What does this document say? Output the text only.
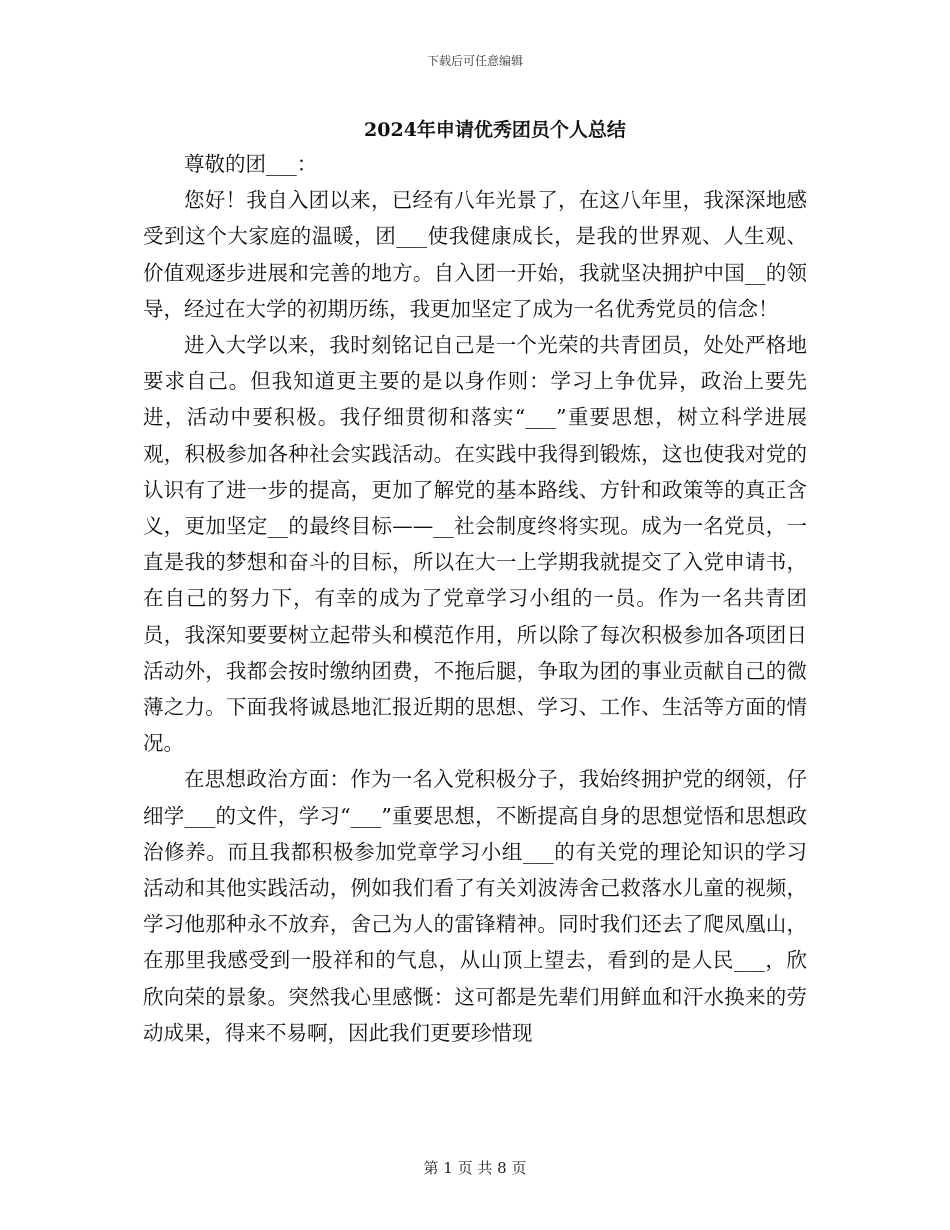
下载后可任意编辑
2024年申请优秀团员个人总结

尊敬的团___：

您好！我自入团以来，已经有八年光景了，在这八年里，我深深地感受到这个大家庭的温暖，团___使我健康成长，是我的世界观、人生观、价值观逐步进展和完善的地方。自入团一开始，我就坚决拥护中国__的领导，经过在大学的初期历练，我更加坚定了成为一名优秀党员的信念！

进入大学以来，我时刻铭记自己是一个光荣的共青团员，处处严格地要求自己。但我知道更主要的是以身作则：学习上争优异，政治上要先进，活动中要积极。我仔细贯彻和落实“___”重要思想，树立科学进展观，积极参加各种社会实践活动。在实践中我得到锻炼，这也使我对党的认识有了进一步的提高，更加了解党的基本路线、方针和政策等的真正含义，更加坚定__的最终目标——__社会制度终将实现。成为一名党员，一直是我的梦想和奋斗的目标，所以在大一上学期我就提交了入党申请书，在自己的努力下，有幸的成为了党章学习小组的一员。作为一名共青团员，我深知要要树立起带头和模范作用，所以除了每次积极参加各项团日活动外，我都会按时缴纳团费，不拖后腿，争取为团的事业贡献自己的微薄之力。下面我将诚恳地汇报近期的思想、学习、工作、生活等方面的情况。

在思想政治方面：作为一名入党积极分子，我始终拥护党的纲领，仔细学___的文件，学习“___”重要思想，不断提高自身的思想觉悟和思想政治修养。而且我都积极参加党章学习小组___的有关党的理论知识的学习活动和其他实践活动，例如我们看了有关刘波涛舍己救落水儿童的视频，学习他那种永不放弃，舍己为人的雷锋精神。同时我们还去了爬凤凰山，在那里我感受到一股祥和的气息，从山顶上望去，看到的是人民___，欣欣向荣的景象。突然我心里感慨：这可都是先辈们用鲜血和汗水换来的劳动成果，得来不易啊，因此我们更要珍惜现

第 1 页 共 8 页
